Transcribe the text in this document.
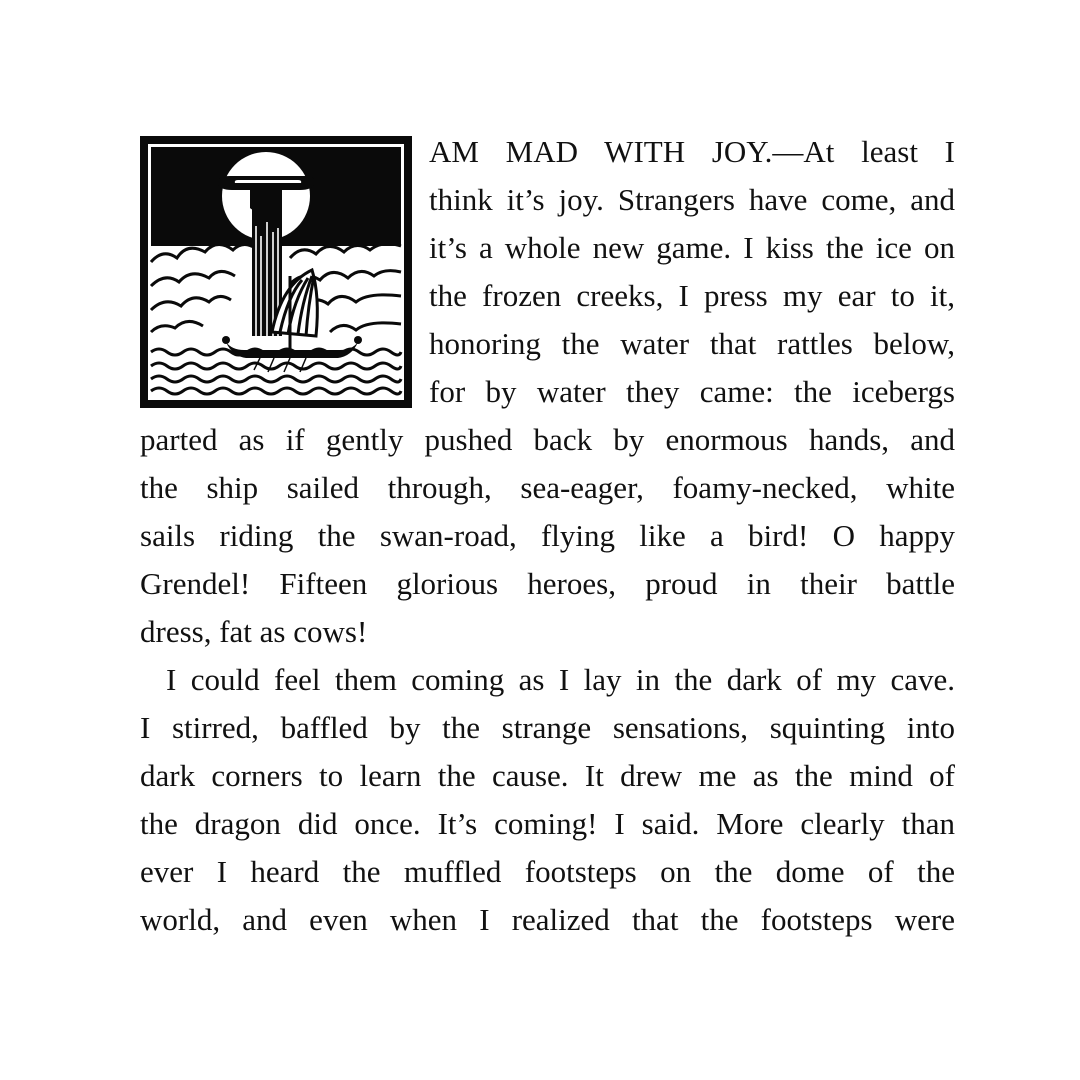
AM MAD WITH JOY.—At least I
think it’s joy. Strangers have come, and
it’s a whole new game. I kiss the ice on
the frozen creeks, I press my ear to it,
honoring the water that rattles below,
for by water they came: the icebergs
parted as if gently pushed back by enormous hands, and
the ship sailed through, sea-eager, foamy-necked, white
sails riding the swan-road, flying like a bird! O happy
Grendel! Fifteen glorious heroes, proud in their battle
dress, fat as cows!
I could feel them coming as I lay in the dark of my cave.
I stirred, baffled by the strange sensations, squinting into
dark corners to learn the cause. It drew me as the mind of
the dragon did once. It’s coming! I said. More clearly than
ever I heard the muffled footsteps on the dome of the
world, and even when I realized that the footsteps were
